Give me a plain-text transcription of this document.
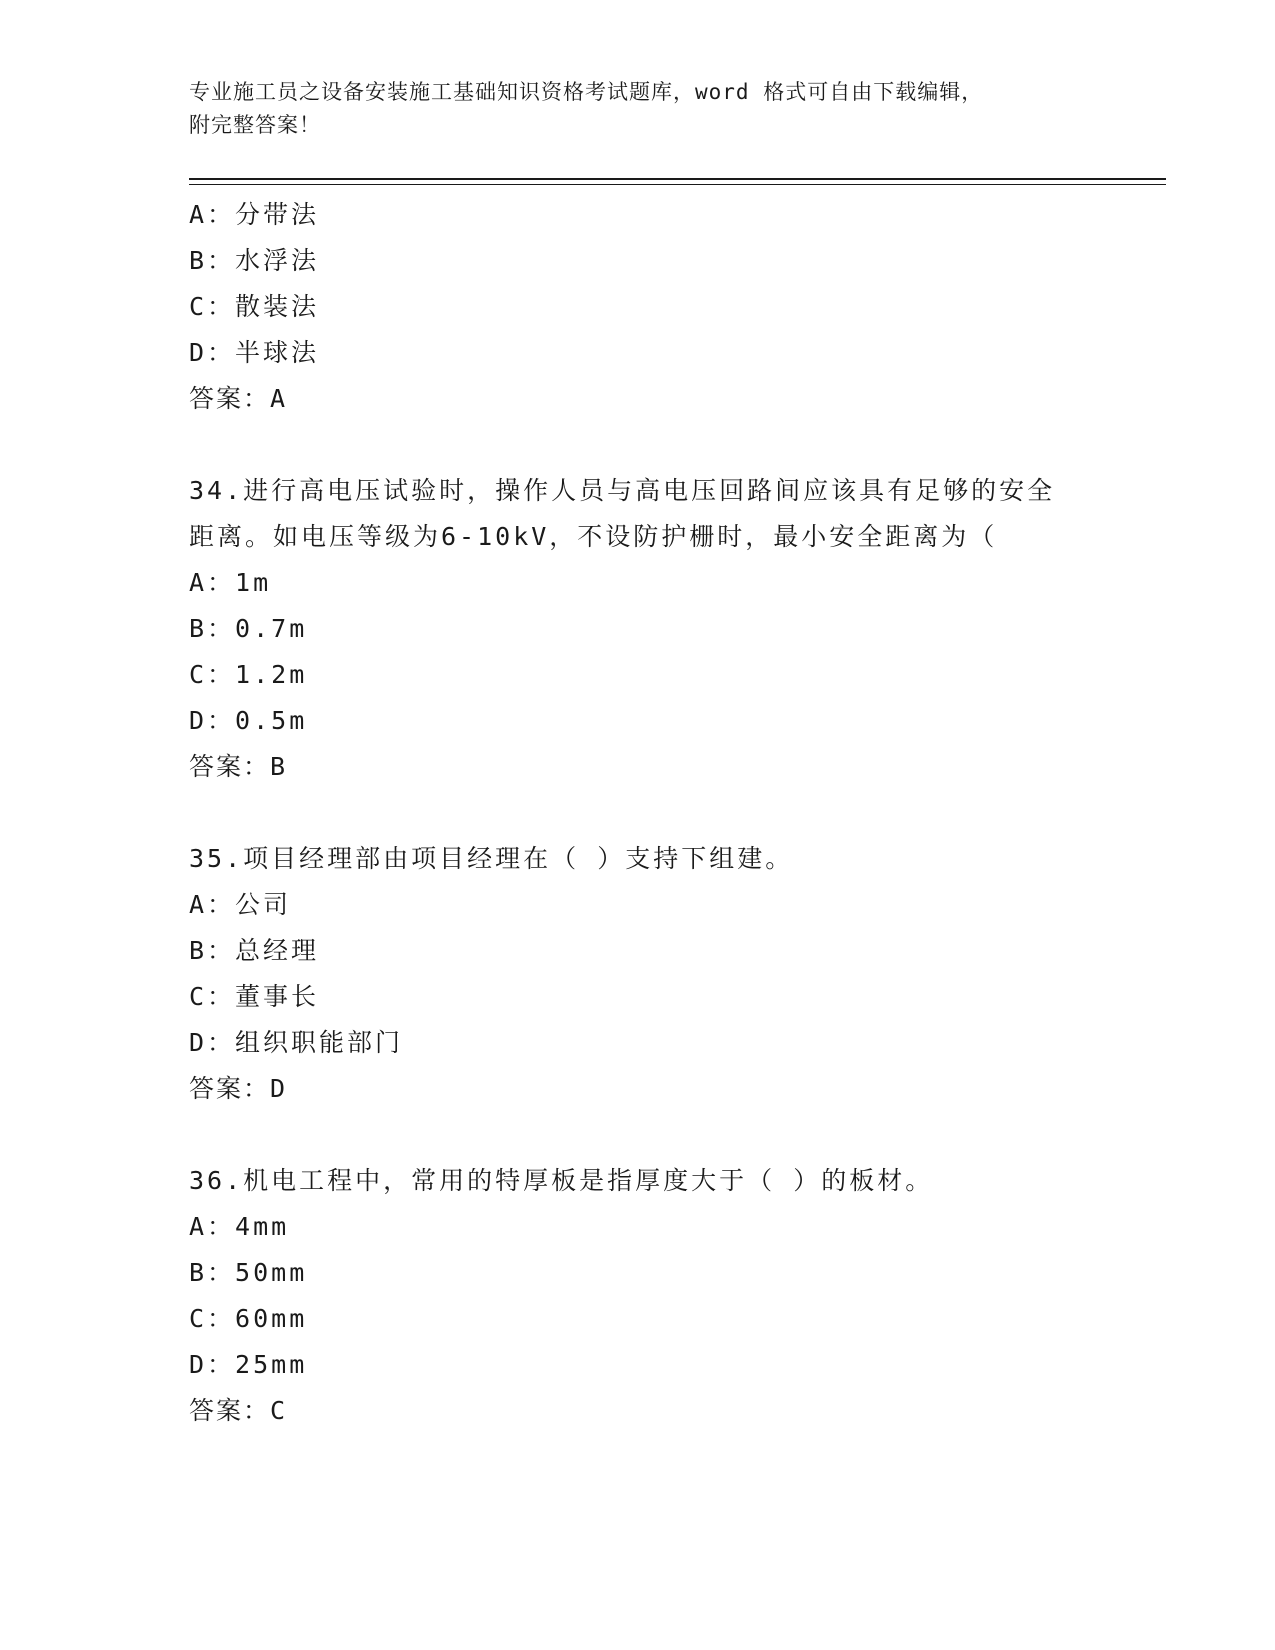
专业施工员之设备安装施工基础知识资格考试题库，word 格式可自由下载编辑，
附完整答案！
A：分带法
B：水浮法
C：散装法
D：半球法
答案：A
34.进行高电压试验时，操作人员与高电压回路间应该具有足够的安全
距离。如电压等级为6-10kV，不设防护栅时，最小安全距离为（
A：1m
B：0.7m
C：1.2m
D：0.5m
答案：B
35.项目经理部由项目经理在（ ）支持下组建。
A：公司
B：总经理
C：董事长
D：组织职能部门
答案：D
36.机电工程中，常用的特厚板是指厚度大于（ ）的板材。
A：4mm
B：50mm
C：60mm
D：25mm
答案：C
